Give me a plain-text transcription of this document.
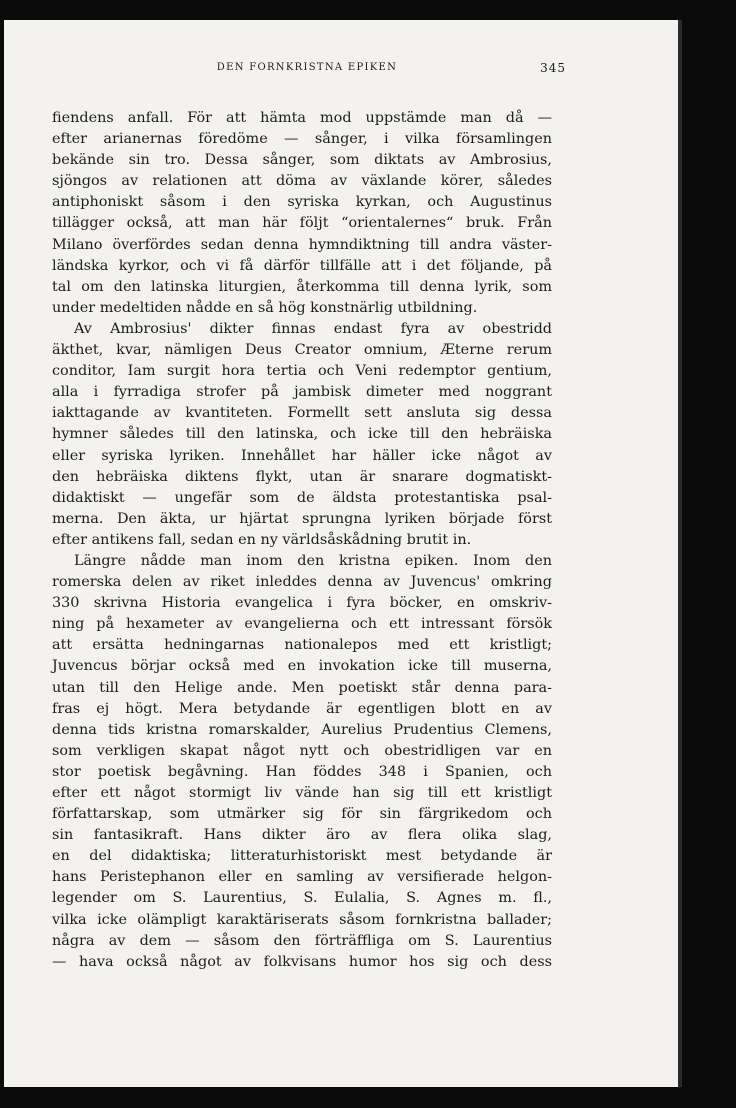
DEN FORNKRISTNA EPIKEN	345
fiendens anfall. För att hämta mod uppstämde man då —
efter arianernas föredöme — sånger, i vilka församlingen
bekände sin tro. Dessa sånger, som diktats av Ambrosius,
sjöngos av relationen att döma av växlande körer, således
antiphoniskt såsom i den syriska kyrkan, och Augustinus
tillägger också, att man här följt “orientalernes“ bruk. Från
Milano överfördes sedan denna hymndiktning till andra väster-
ländska kyrkor, och vi få därför tillfälle att i det följande, på
tal om den latinska liturgien, återkomma till denna lyrik, som
under medeltiden nådde en så hög konstnärlig utbildning.
Av Ambrosius' dikter finnas endast fyra av obestridd
äkthet, kvar, nämligen Deus Creator omnium, Æterne rerum
conditor, Iam surgit hora tertia och Veni redemptor gentium,
alla i fyrradiga strofer på jambisk dimeter med noggrant
iakttagande av kvantiteten. Formellt sett ansluta sig dessa
hymner således till den latinska, och icke till den hebräiska
eller syriska lyriken. Innehållet har häller icke något av
den hebräiska diktens flykt, utan är snarare dogmatiskt-
didaktiskt — ungefär som de äldsta protestantiska psal-
merna. Den äkta, ur hjärtat sprungna lyriken började först
efter antikens fall, sedan en ny världsåskådning brutit in.
Längre nådde man inom den kristna epiken. Inom den
romerska delen av riket inleddes denna av Juvencus' omkring
330 skrivna Historia evangelica i fyra böcker, en omskriv-
ning på hexameter av evangelierna och ett intressant försök
att ersätta hedningarnas nationalepos med ett kristligt;
Juvencus börjar också med en invokation icke till muserna,
utan till den Helige ande. Men poetiskt står denna para-
fras ej högt. Mera betydande är egentligen blott en av
denna tids kristna romarskalder, Aurelius Prudentius Clemens,
som verkligen skapat något nytt och obestridligen var en
stor poetisk begåvning. Han föddes 348 i Spanien, och
efter ett något stormigt liv vände han sig till ett kristligt
författarskap, som utmärker sig för sin färgrikedom och
sin fantasikraft. Hans dikter äro av flera olika slag,
en del didaktiska; litteraturhistoriskt mest betydande är
hans Peristephanon eller en samling av versifierade helgon-
legender om S. Laurentius, S. Eulalia, S. Agnes m. fl.,
vilka icke olämpligt karaktäriserats såsom fornkristna ballader;
några av dem — såsom den förträffliga om S. Laurentius
— hava också något av folkvisans humor hos sig och dess
